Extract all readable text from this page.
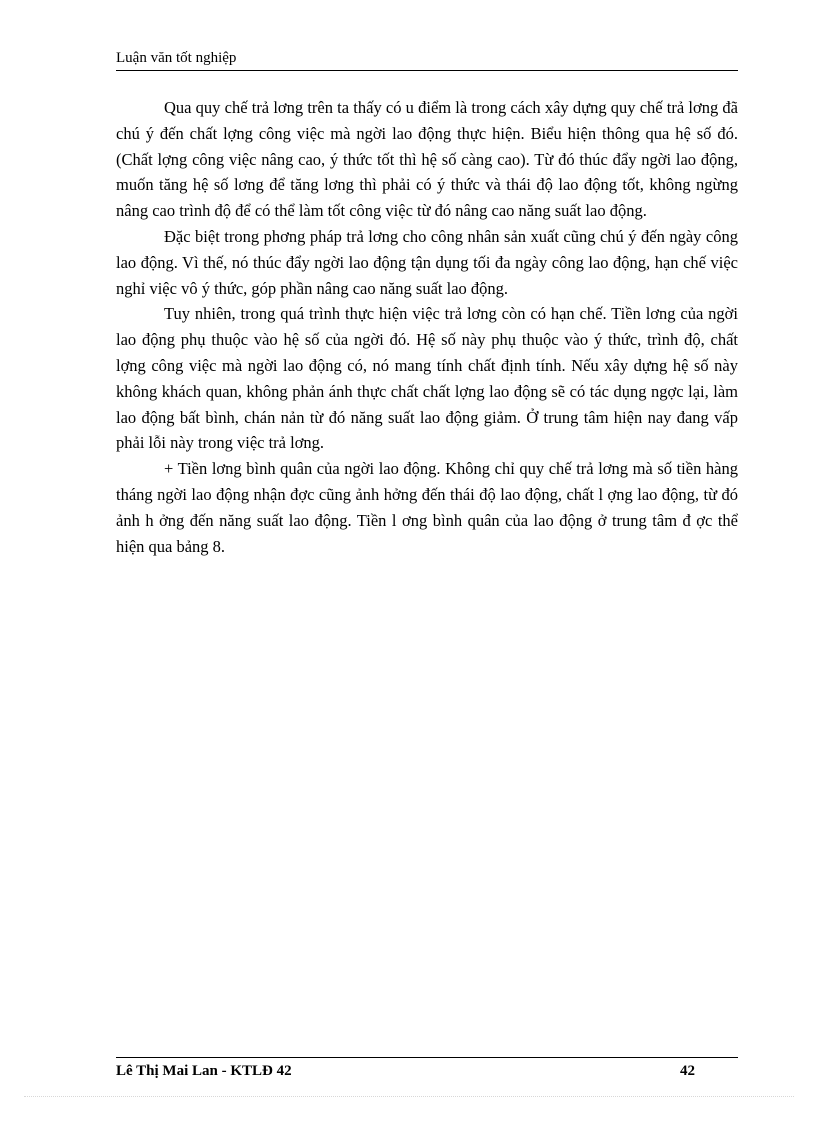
Luận văn tốt nghiệp

Qua quy chế trả lơng trên ta thấy có u điểm là trong cách xây dựng quy chế trả lơng đã chú ý đến chất lợng công việc mà ngời lao động thực hiện. Biểu hiện thông qua hệ số đó. (Chất lợng công việc nâng cao, ý thức tốt thì hệ số càng cao). Từ đó thúc đẩy ngời lao động, muốn tăng hệ số lơng để tăng lơng thì phải có ý thức và thái độ lao động tốt, không ngừng nâng cao trình độ để có thể làm tốt công việc từ đó nâng cao năng suất lao động.

Đặc biệt trong phơng pháp trả lơng cho công nhân sản xuất cũng chú ý đến ngày công lao động. Vì thế, nó thúc đẩy ngời lao động tận dụng tối đa ngày công lao động, hạn chế việc nghỉ việc vô ý thức, góp phần nâng cao năng suất lao động.

Tuy nhiên, trong quá trình thực hiện việc trả lơng còn có hạn chế. Tiền lơng của ngời lao động phụ thuộc vào hệ số của ngời đó. Hệ số này phụ thuộc vào ý thức, trình độ, chất lợng công việc mà ngời lao động có, nó mang tính chất định tính. Nếu xây dựng hệ số này không khách quan, không phản ánh thực chất chất lợng lao động sẽ có tác dụng ngợc lại, làm lao động bất bình, chán nản từ đó năng suất lao động giảm. Ở trung tâm hiện nay đang vấp phải lỗi này trong việc trả lơng.

+ Tiền lơng bình quân của ngời lao động. Không chỉ quy chế trả lơng mà số tiền hàng tháng ngời lao động nhận đợc cũng ảnh hởng đến thái độ lao động, chất l ợng lao động, từ đó ảnh h ởng đến năng suất lao động. Tiền l ơng bình quân của lao động ở trung tâm đ ợc thể hiện qua bảng 8.

Lê Thị Mai Lan - KTLĐ 42	42
